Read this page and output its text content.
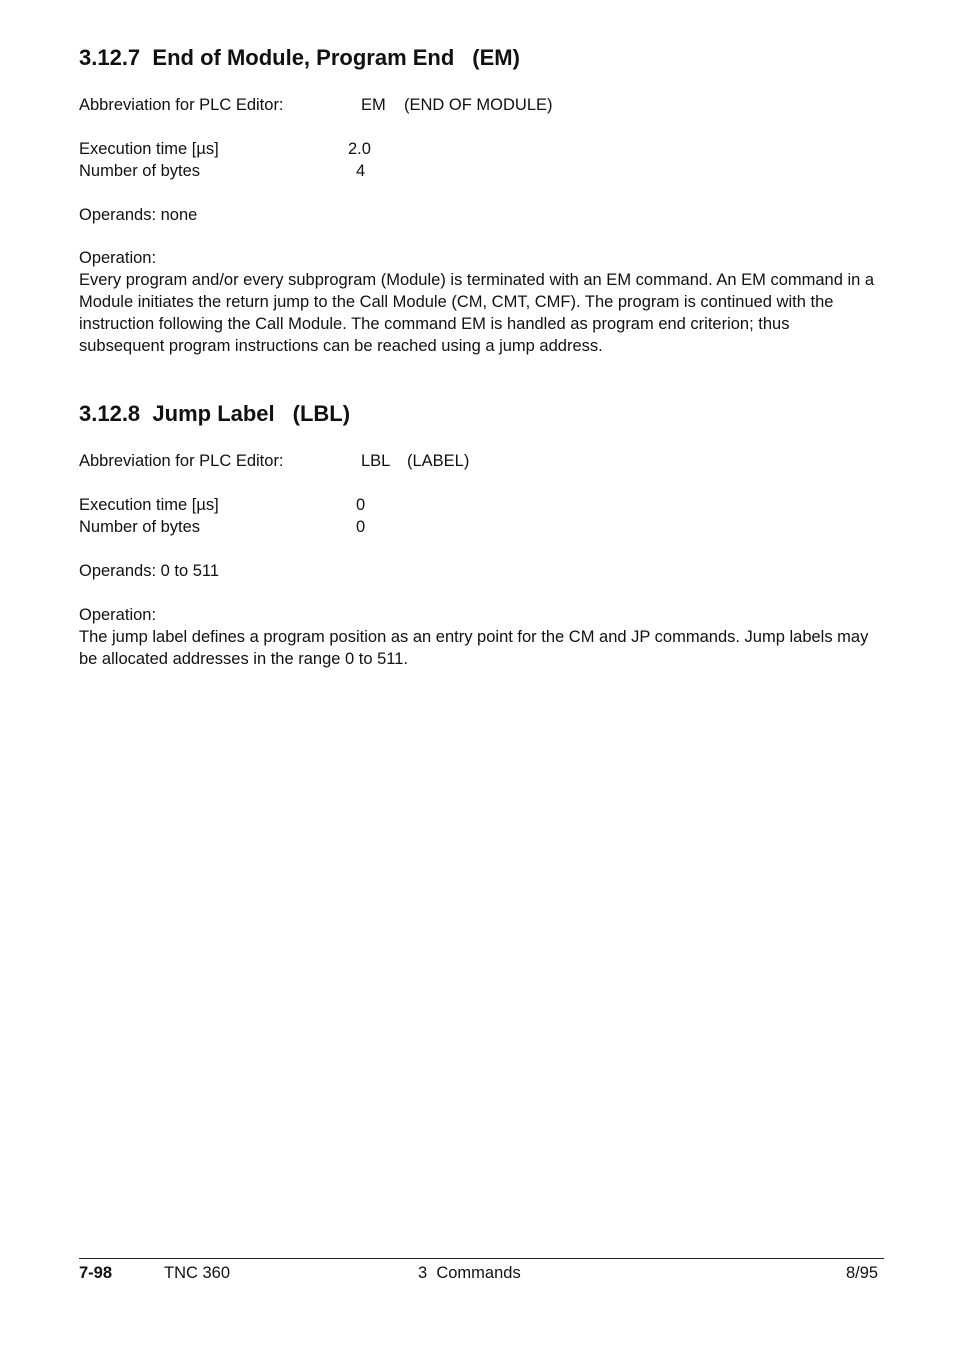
3.12.7 End of Module, Program End (EM)
Abbreviation for PLC Editor:	EM (END OF MODULE)
Execution time [µs]	2.0
Number of bytes	4
Operands: none
Operation:

Every program and/or every subprogram (Module) is terminated with an EM command. An EM command in a Module initiates the return jump to the Call Module (CM, CMT, CMF). The program is continued with the instruction following the Call Module. The command EM is handled as program end criterion; thus subsequent program instructions can be reached using a jump address.

3.12.8 Jump Label (LBL)
Abbreviation for PLC Editor:	LBL (LABEL)
Execution time [µs]	0
Number of bytes	0
Operands: 0 to 511
Operation:

The jump label defines a program position as an entry point for the CM and JP commands. Jump labels may be allocated addresses in the range 0 to 511.

7-98	TNC 360	3  Commands	8/95
